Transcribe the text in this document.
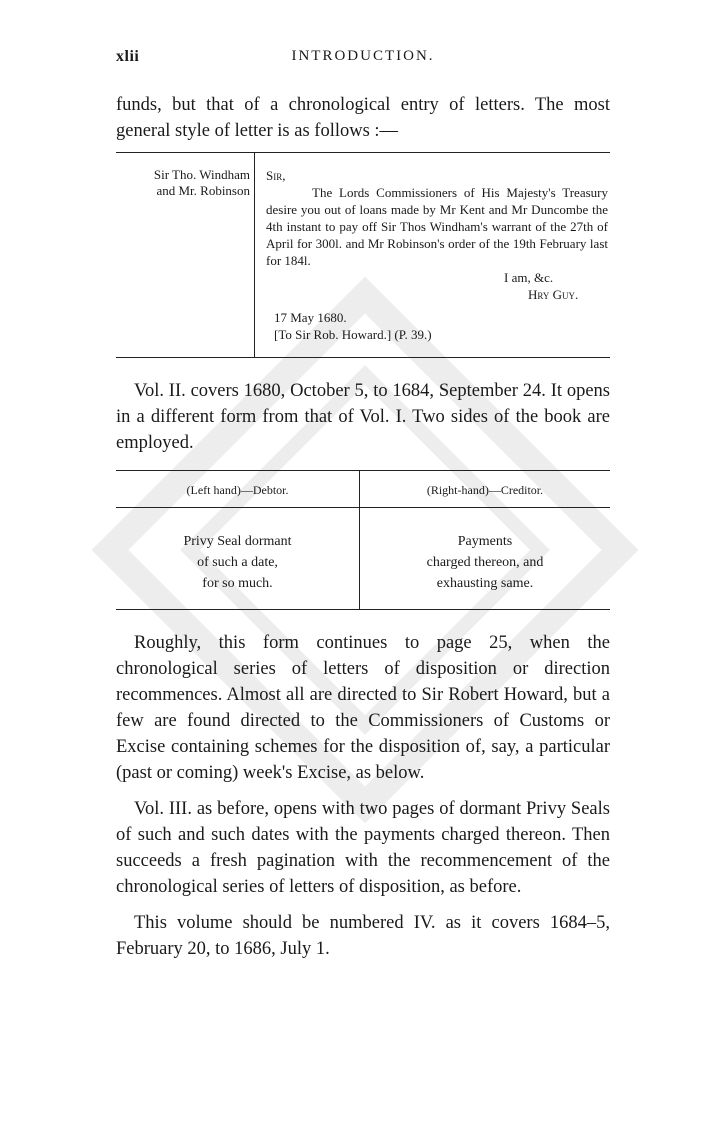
xlii	INTRODUCTION.

funds, but that of a chronological entry of letters. The most general style of letter is as follows :—

Sir Tho. Windham
and Mr. Robinson
Sir,
The Lords Commissioners of His Majesty's Treasury desire you out of loans made by Mr Kent and Mr Duncombe the 4th instant to pay off Sir Thos Windham's warrant of the 27th of April for 300l. and Mr Robinson's order of the 19th February last for 184l.
I am, &c.
Hry Guy.
17 May 1680.
[To Sir Rob. Howard.] (P. 39.)

Vol. II. covers 1680, October 5, to 1684, September 24. It opens in a different form from that of Vol. I. Two sides of the book are employed.

(Left hand)—Debtor.	(Right-hand)—Creditor.
Privy Seal dormant
of such a date,
for so much.
Payments
charged thereon, and
exhausting same.

Roughly, this form continues to page 25, when the chronological series of letters of disposition or direction recommences. Almost all are directed to Sir Robert Howard, but a few are found directed to the Commissioners of Customs or Excise containing schemes for the disposition of, say, a particular (past or coming) week's Excise, as below.

Vol. III. as before, opens with two pages of dormant Privy Seals of such and such dates with the payments charged thereon. Then succeeds a fresh pagination with the recommencement of the chronological series of letters of disposition, as before.

This volume should be numbered IV. as it covers 1684–5, February 20, to 1686, July 1.
